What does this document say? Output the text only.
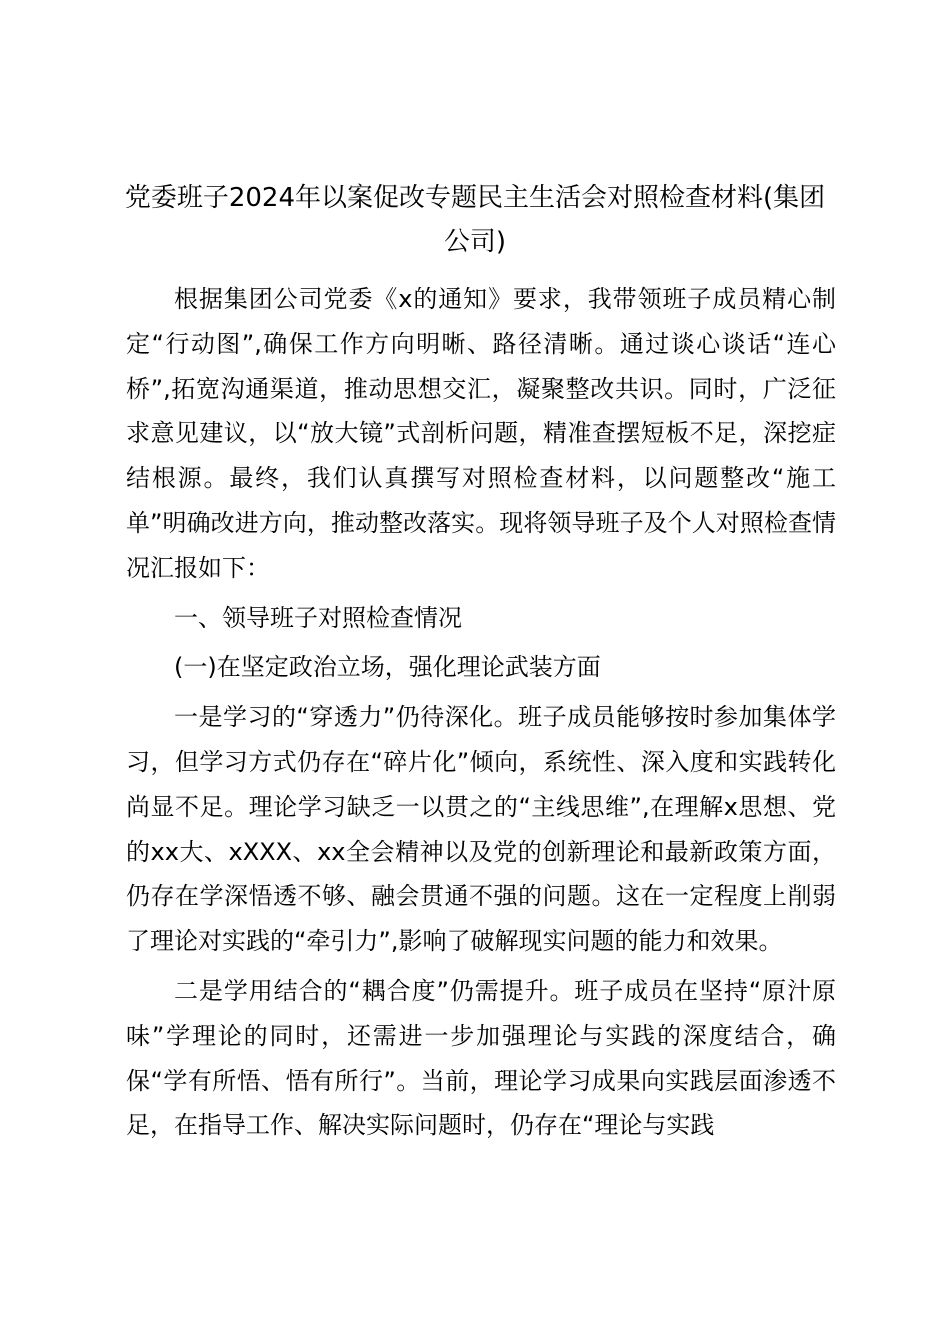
党委班子2024年以案促改专题民主生活会对照检查材料(集团公司)

根据集团公司党委《x的通知》要求，我带领班子成员精心制定“行动图”,确保工作方向明晰、路径清晰。通过谈心谈话“连心桥”,拓宽沟通渠道，推动思想交汇，凝聚整改共识。同时，广泛征求意见建议，以“放大镜”式剖析问题，精准查摆短板不足，深挖症结根源。最终，我们认真撰写对照检查材料，以问题整改“施工单”明确改进方向，推动整改落实。现将领导班子及个人对照检查情况汇报如下：

一、领导班子对照检查情况

(一)在坚定政治立场，强化理论武装方面

一是学习的“穿透力”仍待深化。班子成员能够按时参加集体学习，但学习方式仍存在“碎片化”倾向，系统性、深入度和实践转化尚显不足。理论学习缺乏一以贯之的“主线思维”,在理解x思想、党的xx大、xXXX、xx全会精神以及党的创新理论和最新政策方面，仍存在学深悟透不够、融会贯通不强的问题。这在一定程度上削弱了理论对实践的“牵引力”,影响了破解现实问题的能力和效果。

二是学用结合的“耦合度”仍需提升。班子成员在坚持“原汁原味”学理论的同时，还需进一步加强理论与实践的深度结合，确保“学有所悟、悟有所行”。当前，理论学习成果向实践层面渗透不足，在指导工作、解决实际问题时，仍存在“理论与实践
